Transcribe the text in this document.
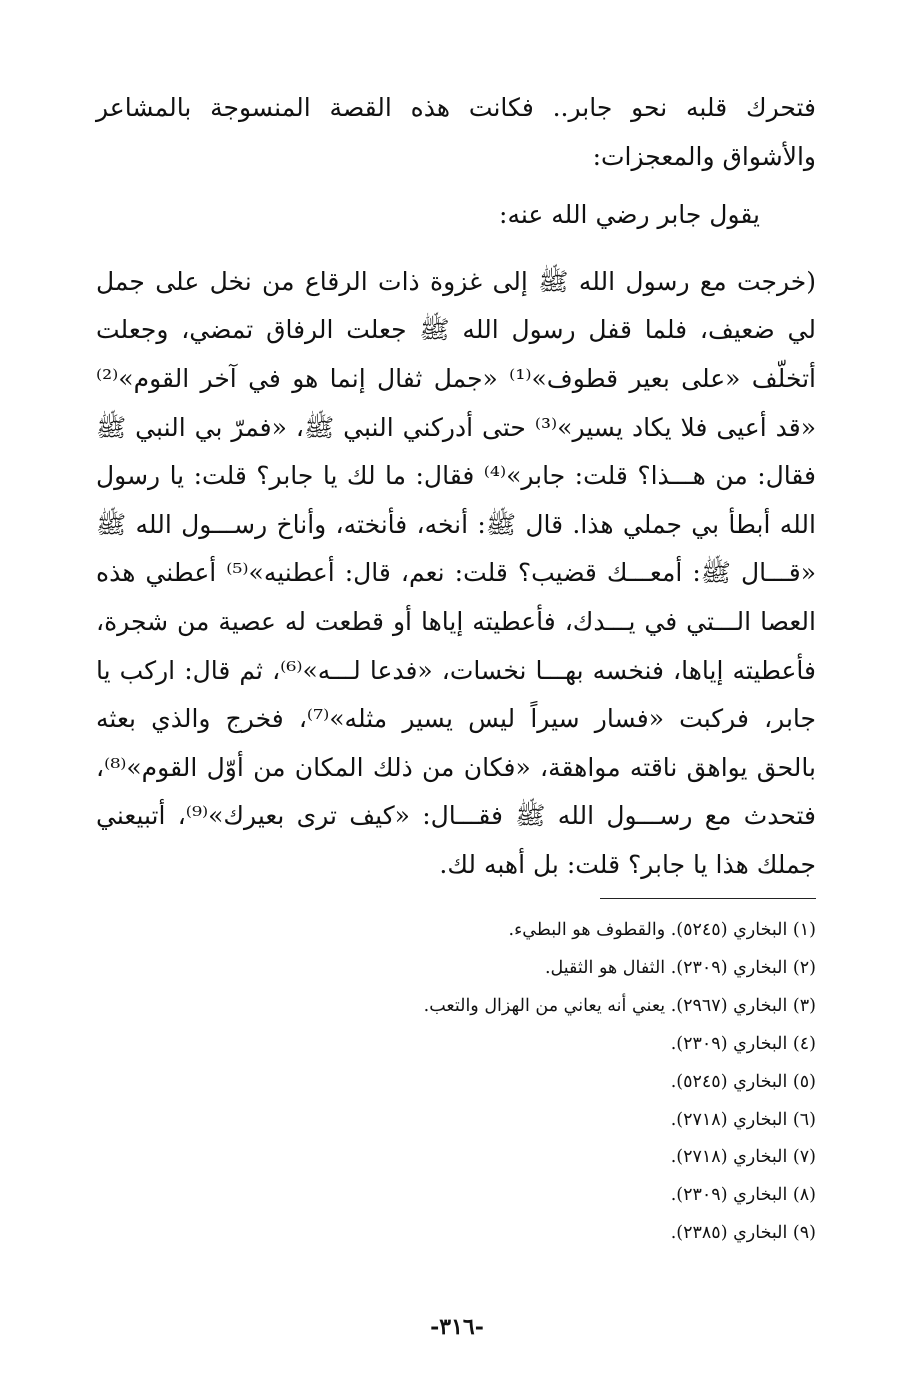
فتحرك قلبه نحو جابر.. فكانت هذه القصة المنسوجة بالمشاعر والأشواق والمعجزات:

يقول جابر رضي الله عنه:

(خرجت مع رسول الله ﷺ إلى غزوة ذات الرقاع من نخل على جمل لي ضعيف، فلما قفل رسول الله ﷺ جعلت الرفاق تمضي، وجعلت أتخلّف «على بعير قطوف»⁽¹⁾ «جمل ثفال إنما هو في آخر القوم»⁽²⁾ «قد أعيى فلا يكاد يسير»⁽³⁾ حتى أدركني النبي ﷺ، «فمرّ بي النبي ﷺ فقال: من هـــذا؟ قلت: جابر»⁽⁴⁾ فقال: ما لك يا جابر؟ قلت: يا رسول الله أبطأ بي جملي هذا. قال ﷺ: أنخه، فأنخته، وأناخ رســـول الله ﷺ «قـــال ﷺ: أمعـــك قضيب؟ قلت: نعم، قال: أعطنيه»⁽⁵⁾ أعطني هذه العصا الـــتي في يـــدك، فأعطيته إياها أو قطعت له عصية من شجرة، فأعطيته إياها، فنخسه بهـــا نخسات، «فدعا لـــه»⁽⁶⁾، ثم قال: اركب يا جابر، فركبت «فسار سيراً ليس يسير مثله»⁽⁷⁾، فخرج والذي بعثه بالحق يواهق ناقته مواهقة، «فكان من ذلك المكان من أوّل القوم»⁽⁸⁾، فتحدث مع رســـول الله ﷺ فقـــال: «كيف ترى بعيرك»⁽⁹⁾، أتبيعني جملك هذا يا جابر؟ قلت: بل أهبه لك.

(١) البخاري (٥٢٤٥). والقطوف هو البطيء.
(٢) البخاري (٢٣٠٩). الثفال هو الثقيل.
(٣) البخاري (٢٩٦٧). يعني أنه يعاني من الهزال والتعب.
(٤) البخاري (٢٣٠٩).
(٥) البخاري (٥٢٤٥).
(٦) البخاري (٢٧١٨).
(٧) البخاري (٢٧١٨).
(٨) البخاري (٢٣٠٩).
(٩) البخاري (٢٣٨٥).
-٣١٦-
